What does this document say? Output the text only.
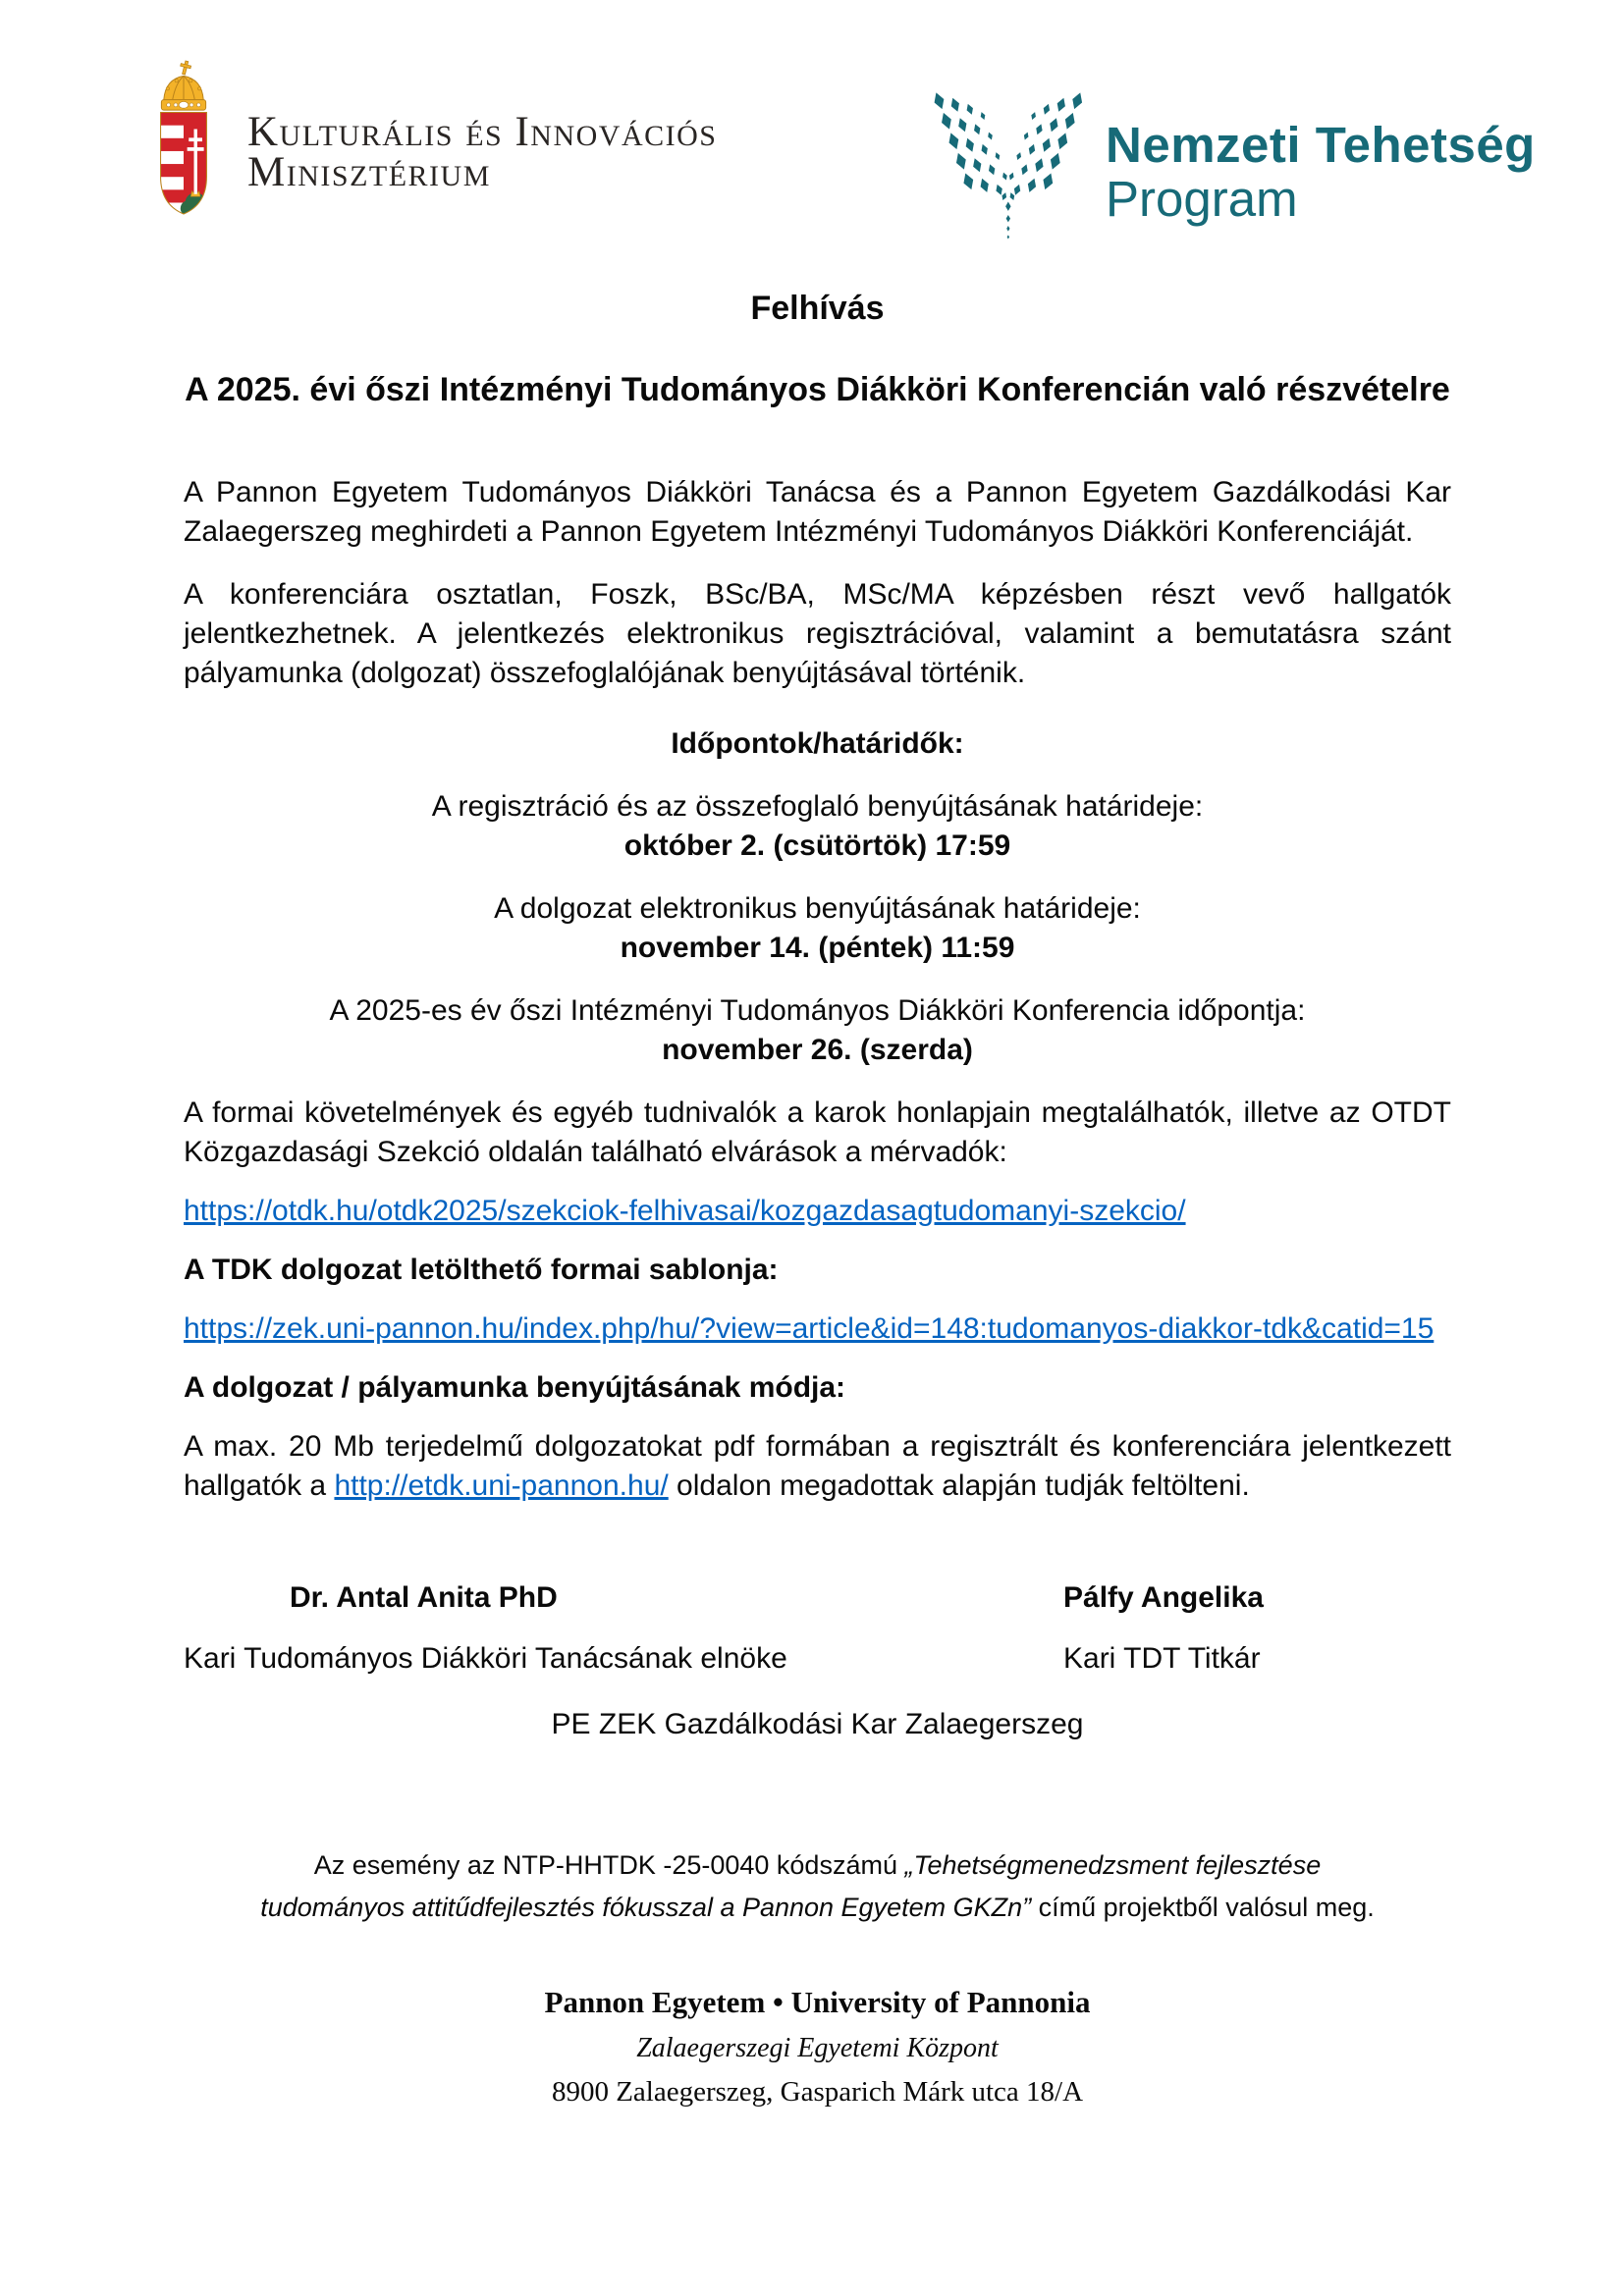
Kulturális és Innovációs
Minisztérium	Nemzeti Tehetség
Program
Felhívás
A 2025. évi őszi Intézményi Tudományos Diákköri Konferencián való részvételre

A Pannon Egyetem Tudományos Diákköri Tanácsa és a Pannon Egyetem Gazdálkodási Kar Zalaegerszeg meghirdeti a Pannon Egyetem Intézményi Tudományos Diákköri Konferenciáját.

A konferenciára osztatlan, Foszk, BSc/BA, MSc/MA képzésben részt vevő hallgatók jelentkezhetnek. A jelentkezés elektronikus regisztrációval, valamint a bemutatásra szánt pályamunka (dolgozat) összefoglalójának benyújtásával történik.

Időpontok/határidők:
A regisztráció és az összefoglaló benyújtásának határideje:
október 2. (csütörtök) 17:59
A dolgozat elektronikus benyújtásának határideje:
november 14. (péntek) 11:59
A 2025-es év őszi Intézményi Tudományos Diákköri Konferencia időpontja:
november 26. (szerda)

A formai követelmények és egyéb tudnivalók a karok honlapjain megtalálhatók, illetve az OTDT Közgazdasági Szekció oldalán található elvárások a mérvadók:

https://otdk.hu/otdk2025/szekciok-felhivasai/kozgazdasagtudomanyi-szekcio/
A TDK dolgozat letölthető formai sablonja:
https://zek.uni-pannon.hu/index.php/hu/?view=article&id=148:tudomanyos-diakkor-tdk&catid=15
A dolgozat / pályamunka benyújtásának módja:

A max. 20 Mb terjedelmű dolgozatokat pdf formában a regisztrált és konferenciára jelentkezett hallgatók a http://etdk.uni-pannon.hu/ oldalon megadottak alapján tudják feltölteni.

Dr. Antal Anita PhD	Pálfy Angelika
Kari Tudományos Diákköri Tanácsának elnöke	Kari TDT Titkár
PE ZEK Gazdálkodási Kar Zalaegerszeg

Az esemény az NTP-HHTDK -25-0040 kódszámú „Tehetségmenedzsment fejlesztése tudományos attitűdfejlesztés fókusszal a Pannon Egyetem GKZn” című projektből valósul meg.

Pannon Egyetem • University of Pannonia
Zalaegerszegi Egyetemi Központ
8900 Zalaegerszeg, Gasparich Márk utca 18/A
